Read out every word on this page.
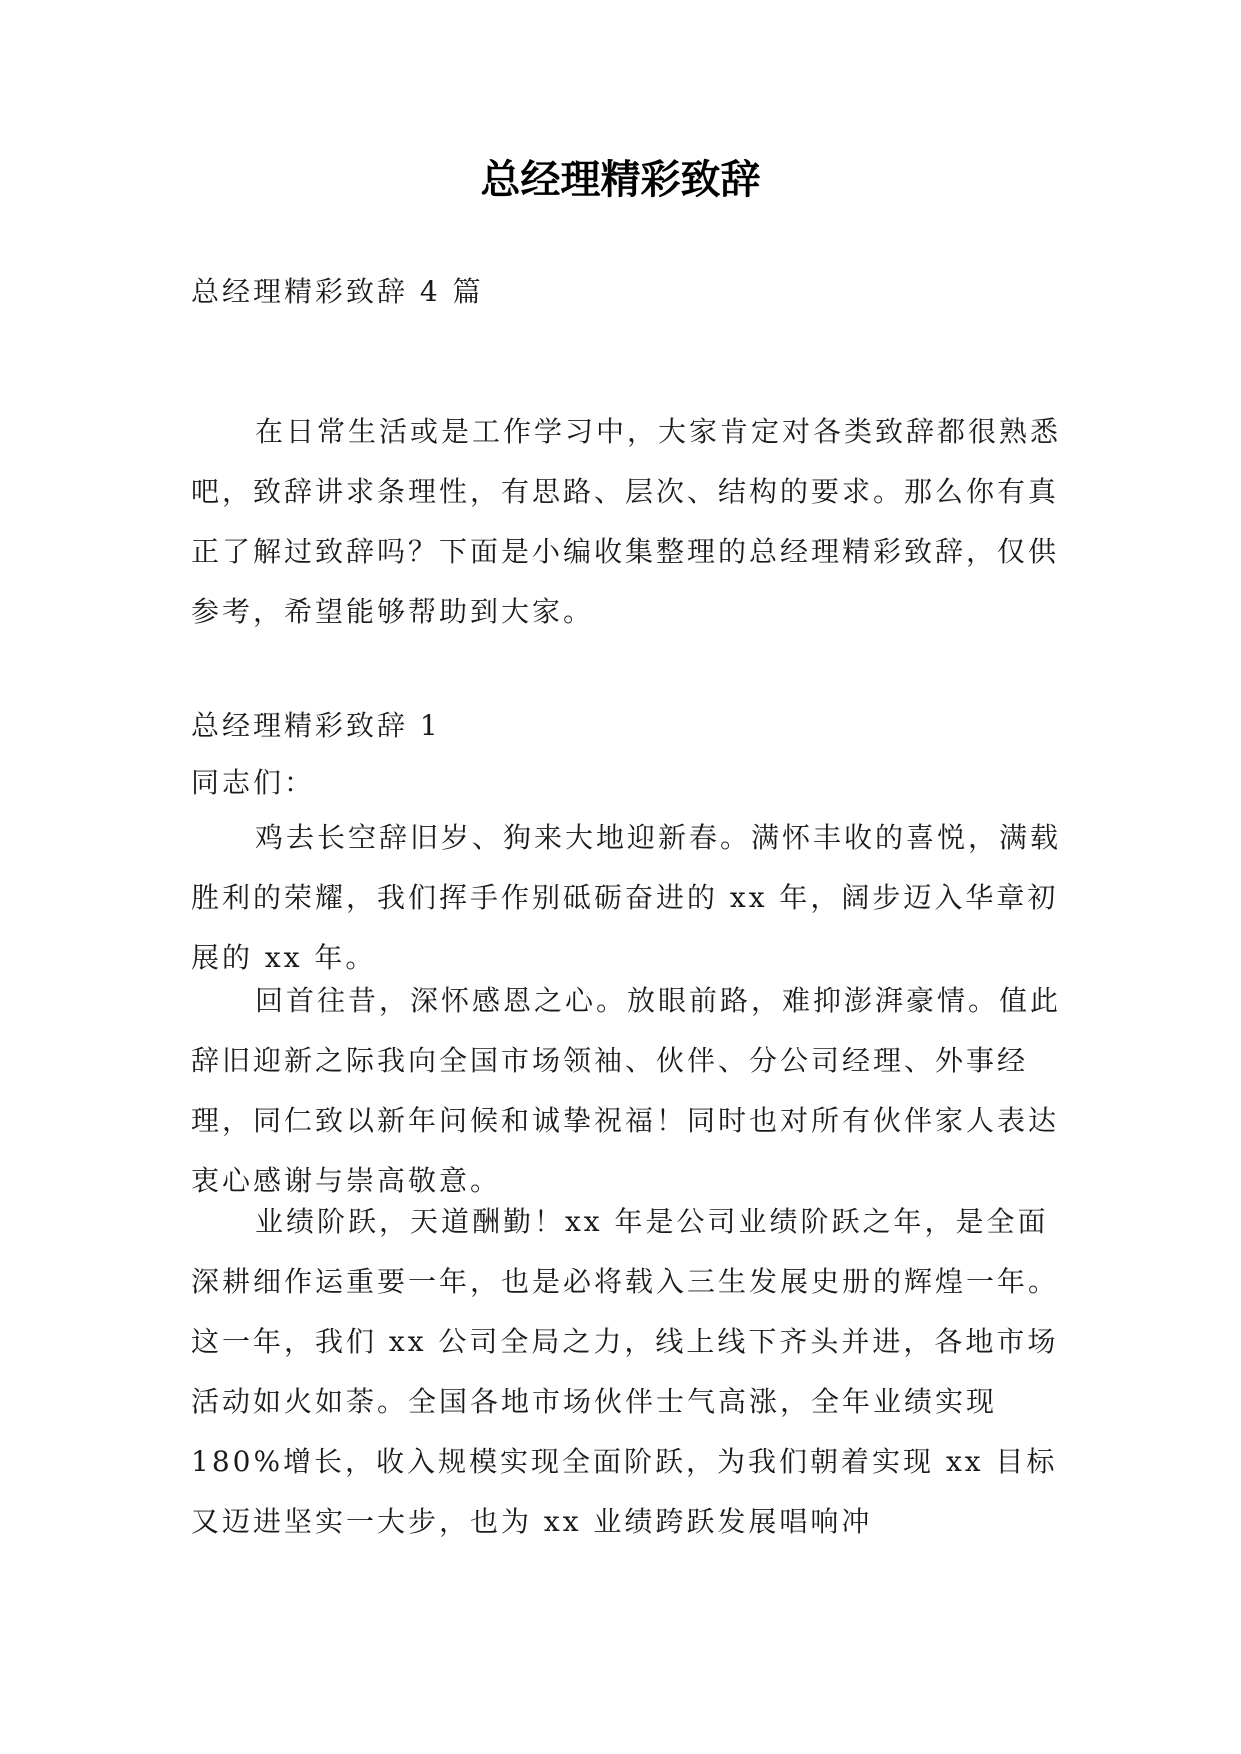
总经理精彩致辞

总经理精彩致辞 4 篇

在日常生活或是工作学习中，大家肯定对各类致辞都很熟悉吧，致辞讲求条理性，有思路、层次、结构的要求。那么你有真正了解过致辞吗？下面是小编收集整理的总经理精彩致辞，仅供参考，希望能够帮助到大家。

总经理精彩致辞 1

同志们：

鸡去长空辞旧岁、狗来大地迎新春。满怀丰收的喜悦，满载胜利的荣耀，我们挥手作别砥砺奋进的 xx 年，阔步迈入华章初展的 xx 年。

回首往昔，深怀感恩之心。放眼前路，难抑澎湃豪情。值此辞旧迎新之际我向全国市场领袖、伙伴、分公司经理、外事经理，同仁致以新年问候和诚挚祝福！同时也对所有伙伴家人表达衷心感谢与崇高敬意。

业绩阶跃，天道酬勤！xx 年是公司业绩阶跃之年，是全面深耕细作运重要一年，也是必将载入三生发展史册的辉煌一年。这一年，我们 xx 公司全局之力，线上线下齐头并进，各地市场活动如火如荼。全国各地市场伙伴士气高涨，全年业绩实现 180%增长，收入规模实现全面阶跃，为我们朝着实现 xx 目标又迈进坚实一大步，也为 xx 业绩跨跃发展唱响冲
